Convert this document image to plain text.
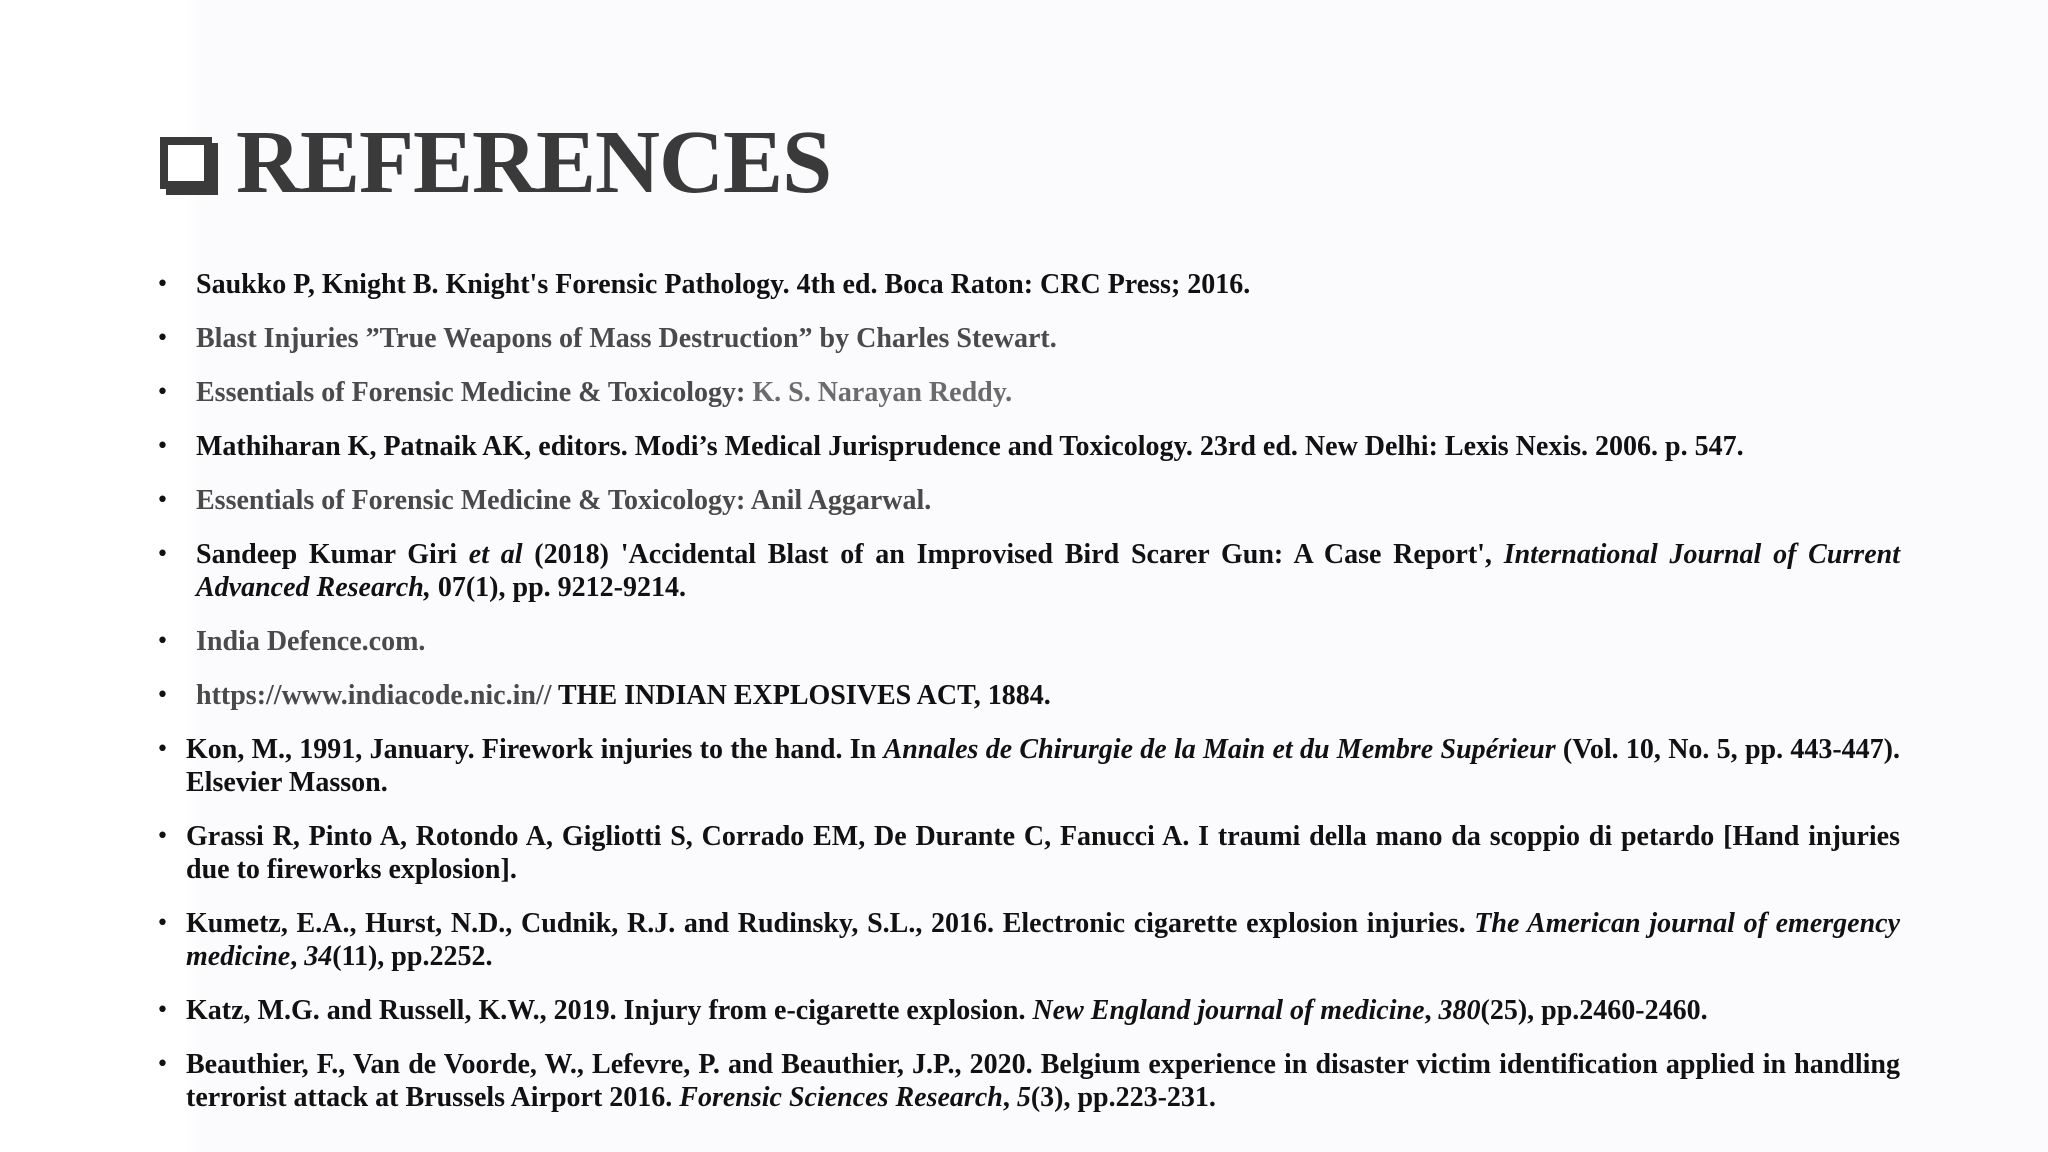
REFERENCES
• Saukko P, Knight B. Knight's Forensic Pathology. 4th ed. Boca Raton: CRC Press; 2016.
• Blast Injuries ”True Weapons of Mass Destruction” by Charles Stewart.
• Essentials of Forensic Medicine & Toxicology: K. S. Narayan Reddy.
• Mathiharan K, Patnaik AK, editors. Modi’s Medical Jurisprudence and Toxicology. 23rd ed. New Delhi: Lexis Nexis. 2006. p. 547.
• Essentials of Forensic Medicine & Toxicology: Anil Aggarwal.
• Sandeep Kumar Giri et al (2018) 'Accidental Blast of an Improvised Bird Scarer Gun: A Case Report', International Journal of Current Advanced Research, 07(1), pp. 9212-9214.
• India Defence.com.
• https://www.indiacode.nic.in// THE INDIAN EXPLOSIVES ACT, 1884.
• Kon, M., 1991, January. Firework injuries to the hand. In Annales de Chirurgie de la Main et du Membre Supérieur (Vol. 10, No. 5, pp. 443-447). Elsevier Masson.
• Grassi R, Pinto A, Rotondo A, Gigliotti S, Corrado EM, De Durante C, Fanucci A. I traumi della mano da scoppio di petardo [Hand injuries due to fireworks explosion].
• Kumetz, E.A., Hurst, N.D., Cudnik, R.J. and Rudinsky, S.L., 2016. Electronic cigarette explosion injuries. The American journal of emergency medicine, 34(11), pp.2252.
• Katz, M.G. and Russell, K.W., 2019. Injury from e-cigarette explosion. New England journal of medicine, 380(25), pp.2460-2460.
• Beauthier, F., Van de Voorde, W., Lefevre, P. and Beauthier, J.P., 2020. Belgium experience in disaster victim identification applied in handling terrorist attack at Brussels Airport 2016. Forensic Sciences Research, 5(3), pp.223-231.
